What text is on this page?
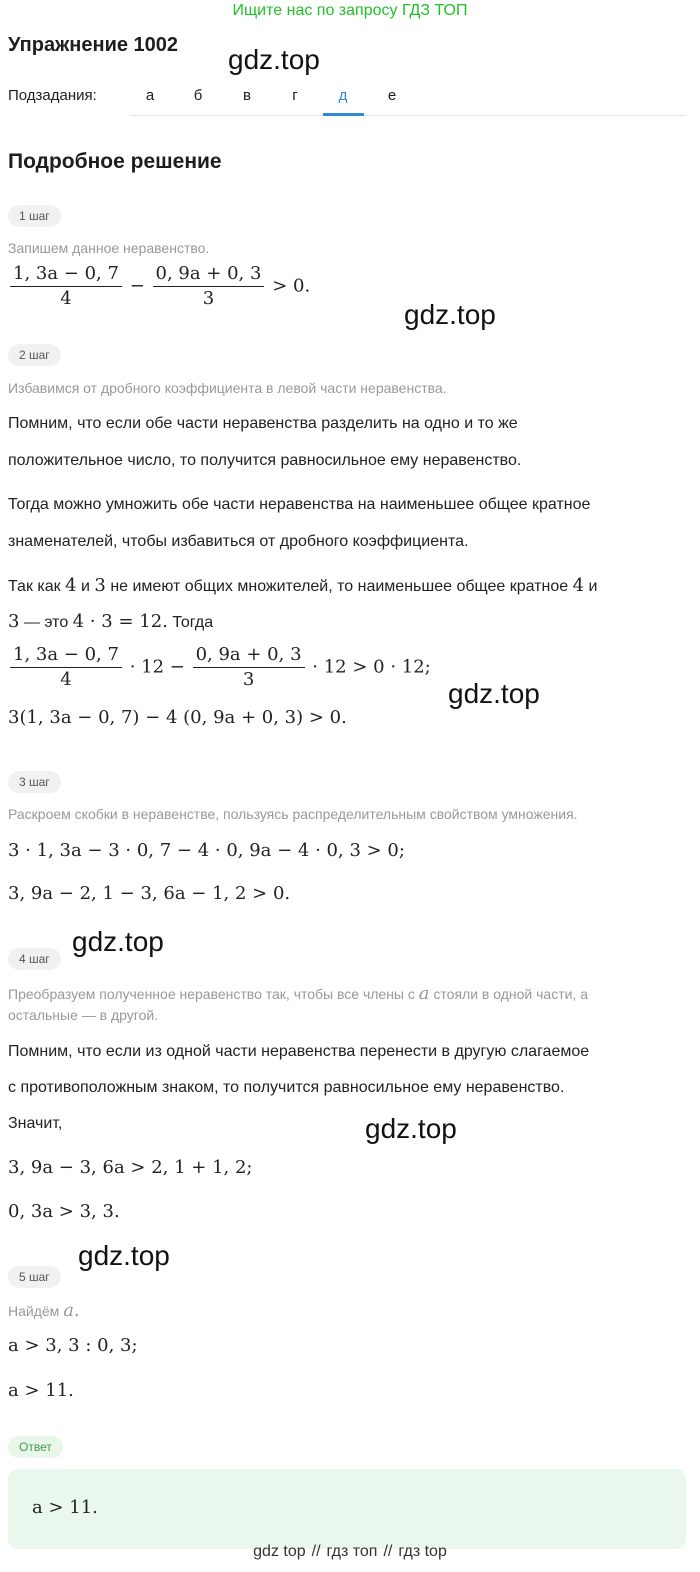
Ищите нас по запросу ГДЗ ТОП
Упражнение 1002 gdz.top
Подзадания:	а	б	в	г	д	е
Подробное решение
1 шаг
Запишем данное неравенство.
$\frac{1, 3a - 0, 7}{4} - \frac{0, 9a + 0, 3}{3} > 0$.
gdz.top
2 шаг
Избавимся от дробного коэффициента в левой части неравенства.
Помним, что если обе части неравенства разделить на одно и то же
положительное число, то получится равносильное ему неравенство.
Тогда можно умножить обе части неравенства на наименьшее общее кратное
знаменателей, чтобы избавиться от дробного коэффициента.
Так как 4 и 3 не имеют общих множителей, то наименьшее общее кратное 4 и
3 — это 4 · 3 = 12. Тогда
$\frac{1, 3a - 0, 7}{4} \cdot 12 - \frac{0, 9a + 0, 3}{3} \cdot 12 > 0 \cdot 12$;
gdz.top
3(1, 3a − 0, 7) − 4 (0, 9a + 0, 3) > 0.
3 шаг
Раскроем скобки в неравенстве, пользуясь распределительным свойством умножения.
3 · 1, 3a − 3 · 0, 7 − 4 · 0, 9a − 4 · 0, 3 > 0;
3, 9a − 2, 1 − 3, 6a − 1, 2 > 0.
gdz.top
4 шаг
Преобразуем полученное неравенство так, чтобы все члены с a стояли в одной части, а
остальные — в другой.
Помним, что если из одной части неравенства перенести в другую слагаемое
с противоположным знаком, то получится равносильное ему неравенство.
Значит,	gdz.top
3, 9a − 3, 6a > 2, 1 + 1, 2;
0, 3a > 3, 3.
gdz.top
5 шаг
Найдём a.
a > 3, 3 : 0, 3;
a > 11.
Ответ
a > 11.
gdz top // гдз топ // гдз top
